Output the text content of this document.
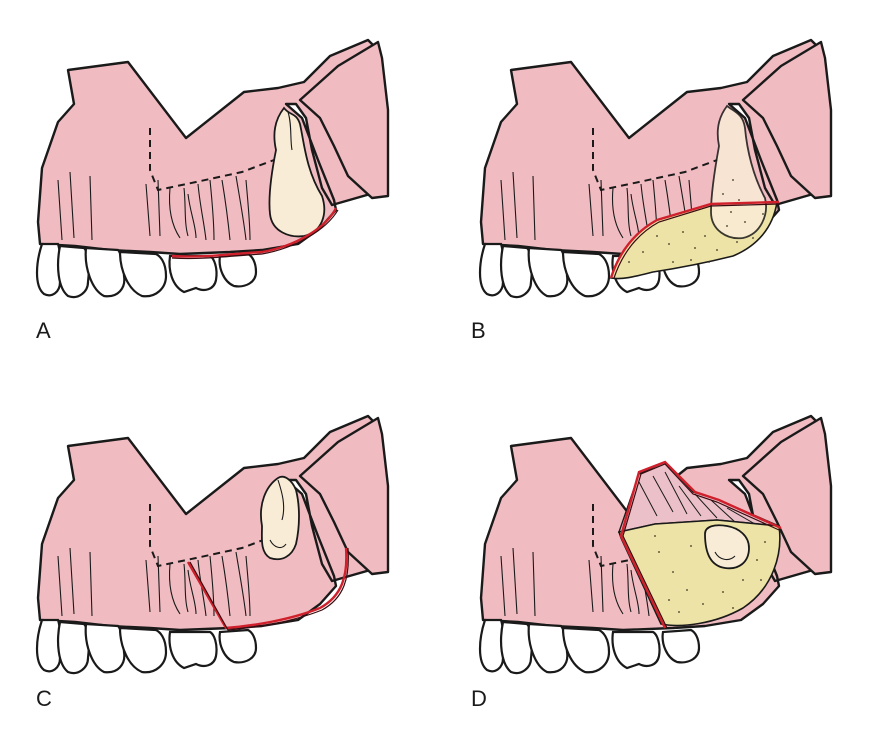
A	B
C	D
